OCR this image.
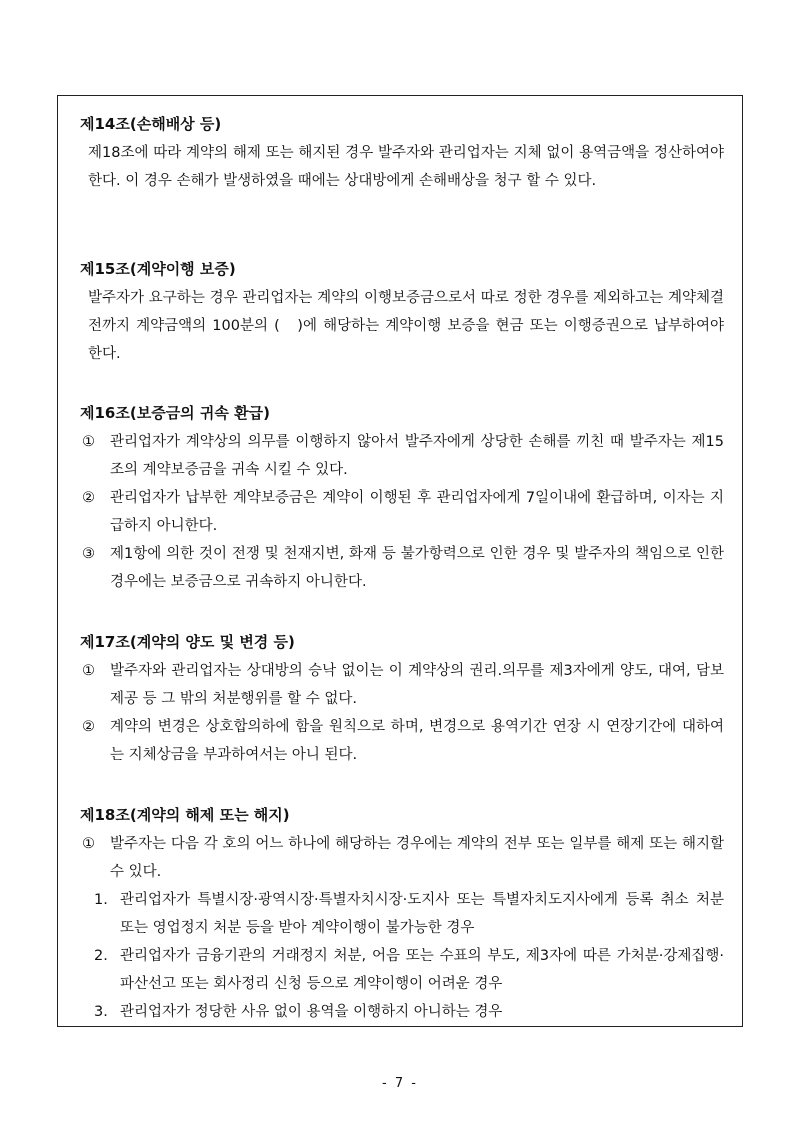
제14조(손해배상 등)

제18조에 따라 계약의 해제 또는 해지된 경우 발주자와 관리업자는 지체 없이 용역금액을 정산하여야 한다. 이 경우 손해가 발생하였을 때에는 상대방에게 손해배상을 청구 할 수 있다.

제15조(계약이행 보증)

발주자가 요구하는 경우 관리업자는 계약의 이행보증금으로서 따로 정한 경우를 제외하고는 계약체결 전까지 계약금액의 100분의 (　)에 해당하는 계약이행 보증을 현금 또는 이행증권으로 납부하여야 한다.

제16조(보증금의 귀속 환급)
① 관리업자가 계약상의 의무를 이행하지 않아서 발주자에게 상당한 손해를 끼친 때 발주자는 제15조의 계약보증금을 귀속 시킬 수 있다.
② 관리업자가 납부한 계약보증금은 계약이 이행된 후 관리업자에게 7일이내에 환급하며, 이자는 지급하지 아니한다.
③ 제1항에 의한 것이 전쟁 및 천재지변, 화재 등 불가항력으로 인한 경우 및 발주자의 책임으로 인한 경우에는 보증금으로 귀속하지 아니한다.
제17조(계약의 양도 및 변경 등)
① 발주자와 관리업자는 상대방의 승낙 없이는 이 계약상의 권리.의무를 제3자에게 양도, 대여, 담보제공 등 그 밖의 처분행위를 할 수 없다.
② 계약의 변경은 상호합의하에 함을 원칙으로 하며, 변경으로 용역기간 연장 시 연장기간에 대하여는 지체상금을 부과하여서는 아니 된다.
제18조(계약의 해제 또는 해지)
① 발주자는 다음 각 호의 어느 하나에 해당하는 경우에는 계약의 전부 또는 일부를 해제 또는 해지할 수 있다.
1. 관리업자가 특별시장·광역시장·특별자치시장·도지사 또는 특별자치도지사에게 등록 취소 처분 또는 영업정지 처분 등을 받아 계약이행이 불가능한 경우
2. 관리업자가 금융기관의 거래정지 처분, 어음 또는 수표의 부도, 제3자에 따른 가처분·강제집행·파산선고 또는 회사정리 신청 등으로 계약이행이 어려운 경우
3. 관리업자가 정당한 사유 없이 용역을 이행하지 아니하는 경우
- 7 -
